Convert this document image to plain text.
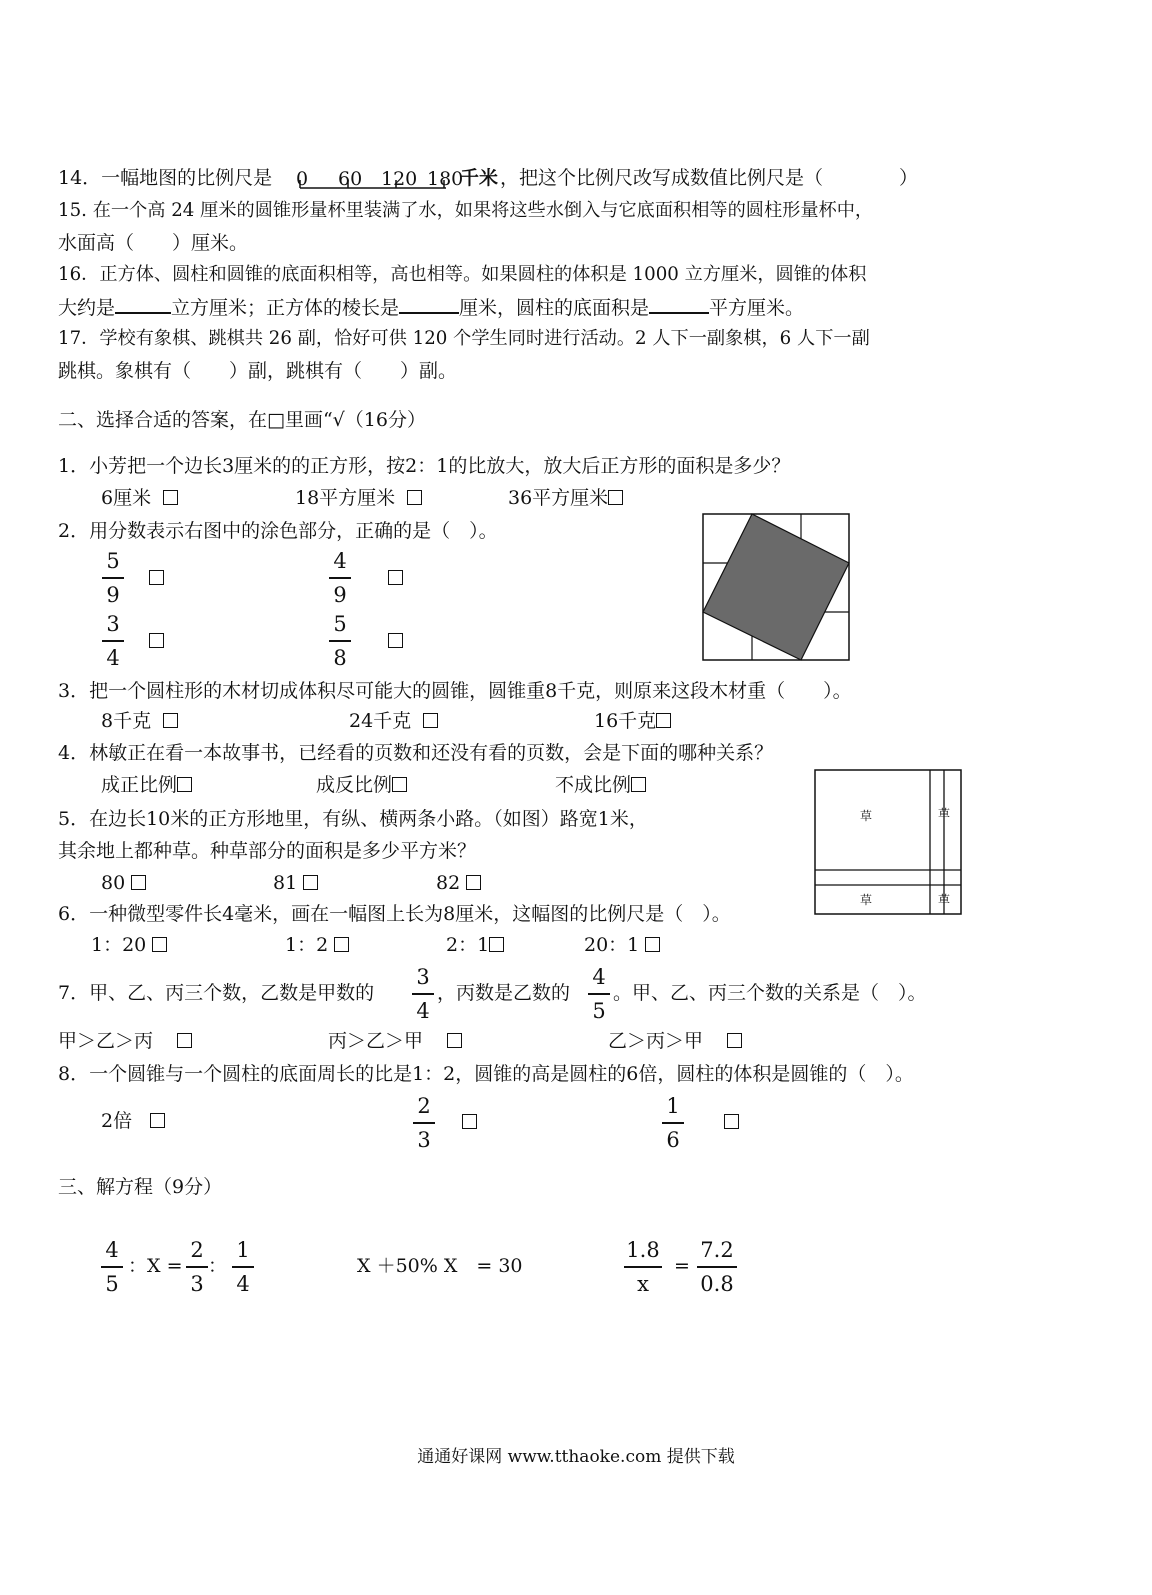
14．一幅地图的比例尺是 0 60 120 180
千米 ，把这个比例尺改写成数值比例尺是（　　　　）
15. 在一个高 24 厘米的圆锥形量杯里装满了水，如果将这些水倒入与它底面积相等的圆柱形量杯中，
水面高（　　）厘米。
16．正方体、圆柱和圆锥的底面积相等，高也相等。如果圆柱的体积是 1000 立方厘米，圆锥的体积
大约是	立方厘米；正方体的棱长是	厘米，圆柱的底面积是	平方厘米。
17．学校有象棋、跳棋共 26 副，恰好可供 120 个学生同时进行活动。2 人下一副象棋，6 人下一副
跳棋。象棋有（　　）副，跳棋有（　　）副。
二、选择合适的答案，在□里画“√（16分）
1．小芳把一个边长3厘米的的正方形，按2：1的比放大，放大后正方形的面积是多少？
6厘米	18平方厘米	36平方厘米
2．用分数表示右图中的涂色部分，正确的是（　）。
5
9
4
9
3
4
5
8
3．把一个圆柱形的木材切成体积尽可能大的圆锥，圆锥重8千克，则原来这段木材重（　　）。
8千克	24千克	16千克
4．林敏正在看一本故事书，已经看的页数和还没有看的页数，会是下面的哪种关系？
成正比例	成反比例	不成比例
5．在边长10米的正方形地里，有纵、横两条小路。（如图）路宽1米，
其余地上都种草。种草部分的面积是多少平方米？
80	81	82
草	草
草	草
6．一种微型零件长4毫米，画在一幅图上长为8厘米，这幅图的比例尺是（　）。
1：20	1：2	2：1	20：1
7．甲、乙、丙三个数，乙数是甲数的
3
4
，丙数是乙数的
4
5
。甲、乙、丙三个数的关系是（　）。
甲＞乙＞丙	丙＞乙＞甲	乙＞丙＞甲
8．一个圆锥与一个圆柱的底面周长的比是1：2，圆锥的高是圆柱的6倍，圆柱的体积是圆锥的（　）。
2倍
2
3
1
6
三、解方程（9分）
4
5
：X =
2
3
：
1
4
X ＋50% X　= 30
1.8
x
=
7.2
0.8
通通好课网 www.tthaoke.com 提供下载
